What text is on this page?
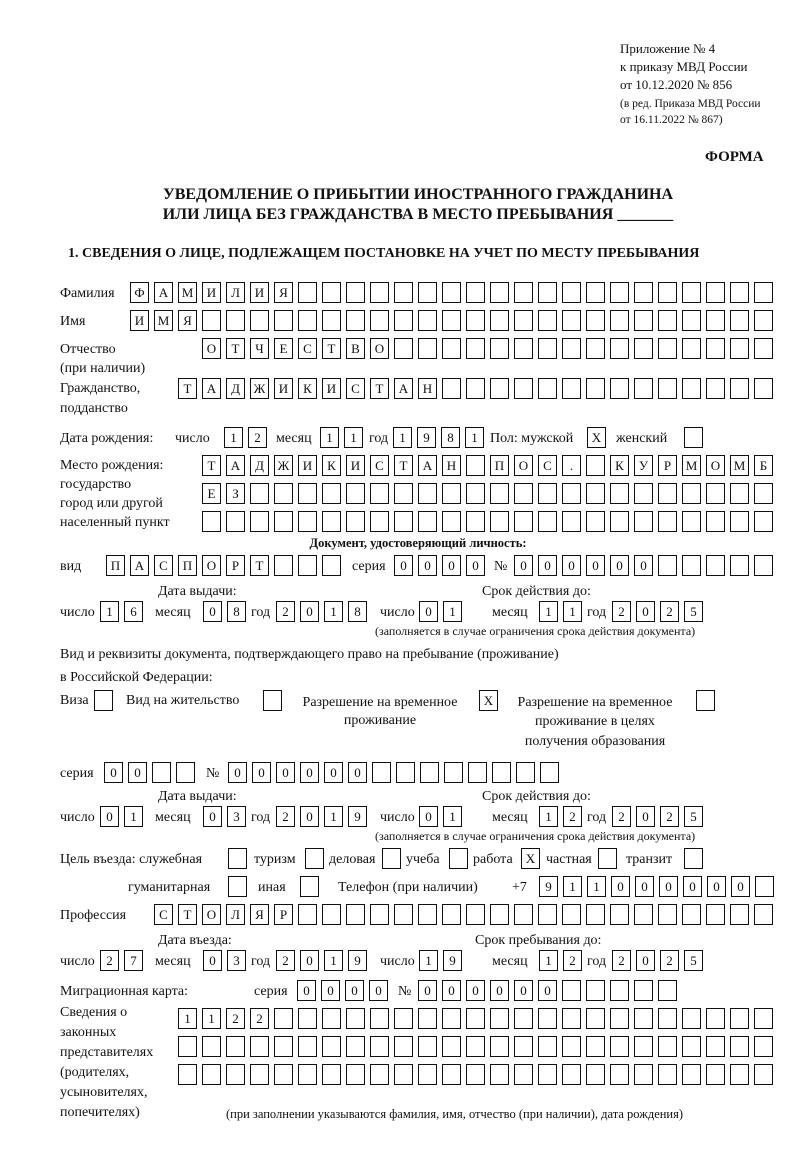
Приложение № 4
к приказу МВД России
от 10.12.2020 № 856
(в ред. Приказа МВД России
от 16.11.2022 № 867)
ФОРМА
УВЕДОМЛЕНИЕ О ПРИБЫТИИ ИНОСТРАННОГО ГРАЖДАНИНА
ИЛИ ЛИЦА БЕЗ ГРАЖДАНСТВА В МЕСТО ПРЕБЫВАНИЯ _______
1. СВЕДЕНИЯ О ЛИЦЕ, ПОДЛЕЖАЩЕМ ПОСТАНОВКЕ НА УЧЕТ ПО МЕСТУ ПРЕБЫВАНИЯ
Фамилия	Ф	А	М	И	Л	И	Я
Имя	И	М	Я
Отчество
(при наличии)
О	Т	Ч	Е	С	Т	В	О
Гражданство,
подданство
Т	А	Д	Ж	И	К	И	С	Т	А	Н
Дата рождения: число	1	2	месяц	1	1 год 1	9	8	1 Пол: мужской	X	женский
Место рождения:
государство
город или другой
населенный пункт
Т	А	Д	Ж	И	К	И	С	Т	А	Н	П	О	С	.	К	У	Р	М	О	М	Б
Е	З
Документ, удостоверяющий личность:
вид	П	А	С	П	О	Р	Т	серия	0	0	0	0	№ 0	0	0	0	0	0
Дата выдачи:	Срок действия до:
число 1	6	месяц	0	8 год 2	0	1	8	число 0	1	месяц	1	1 год 2	0	2	5
(заполняется в случае ограничения срока действия документа)
Вид и реквизиты документа, подтверждающего право на пребывание (проживание)
в Российской Федерации:
Виза	Вид на жительство	Разрешение на временное
проживание
X	Разрешение на временное
проживание в целях
получения образования
серия	0	0	№	0	0	0	0	0	0
Дата выдачи:	Срок действия до:
число 0	1	месяц	0	3 год 2	0	1	9	число 0	1	месяц	1	2 год 2	0	2	5
(заполняется в случае ограничения срока действия документа)
Цель въезда: служебная	туризм деловая учеба работа	X частная транзит
гуманитарная	иная	Телефон (при наличии) +7	9	1	1	0	0	0	0	0	0
Профессия	С	Т	О	Л	Я	Р
Дата въезда:	Срок пребывания до:
число 2	7	месяц	0	3 год 2	0	1	9	число 1	9	месяц	1	2 год 2	0	2	5
Миграционная карта:	серия	0	0	0	0	№ 0	0	0	0	0	0
Сведения о
законных
представителях
(родителях,
усыновителях,
попечителях)
1	1	2	2
(при заполнении указываются фамилия, имя, отчество (при наличии), дата рождения)
